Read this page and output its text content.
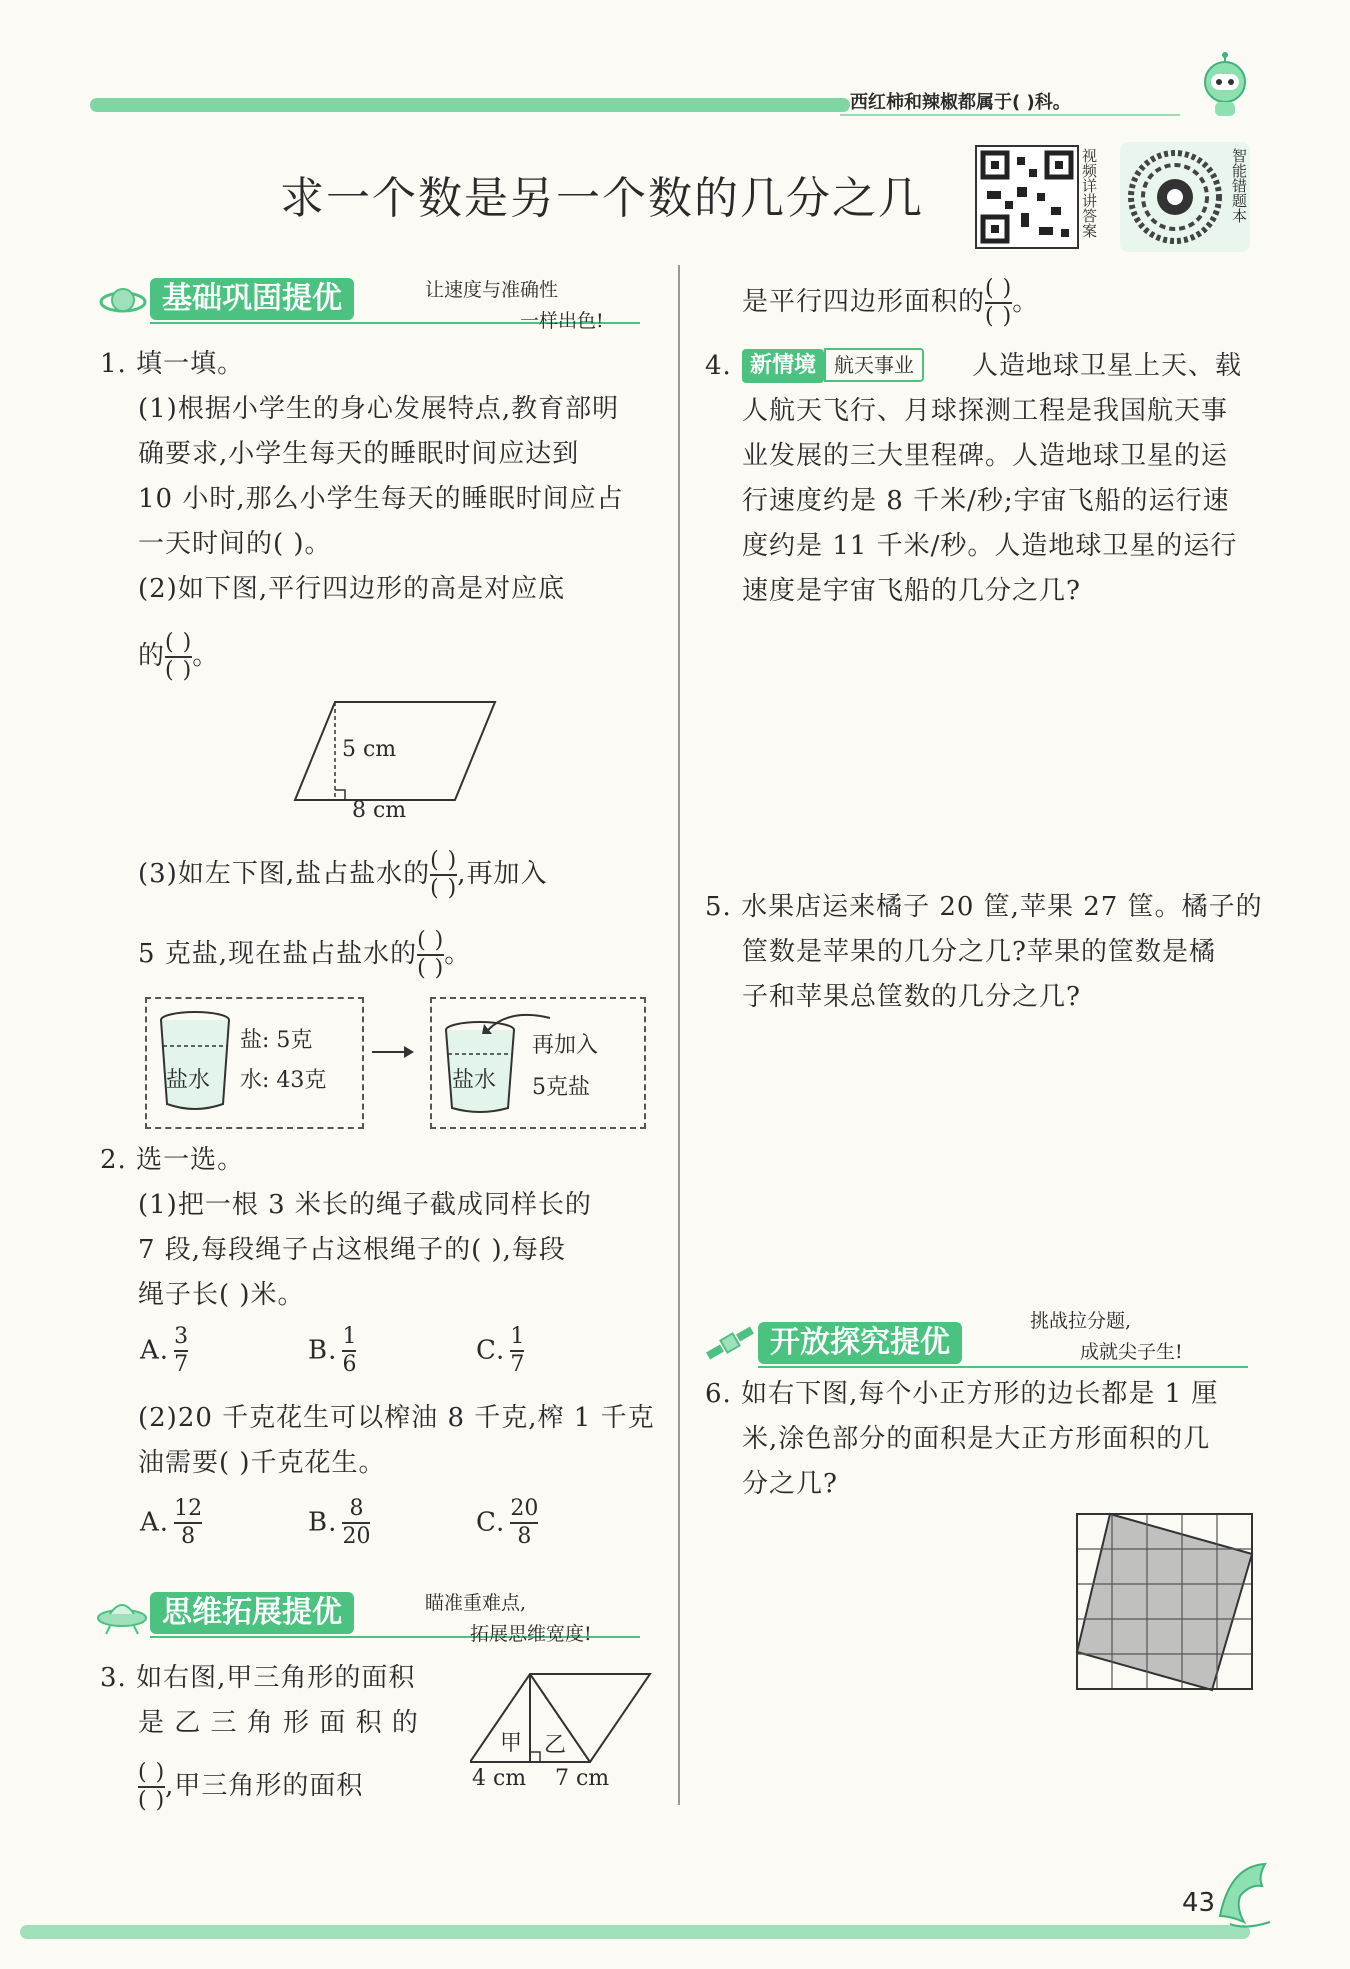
西红柿和辣椒都属于( )科。
求一个数是另一个数的几分之几	视频详讲答案	智能错题本
基础巩固提优	让速度与准确性
一样出色!
1. 填一填。
(1)根据小学生的身心发展特点,教育部明
确要求,小学生每天的睡眠时间应达到
10 小时,那么小学生每天的睡眠时间应占
一天时间的( )。
(2)如下图,平行四边形的高是对应底
的 $\frac{( )}{( )}$ 。
5 cm
8 cm
(3)如左下图,盐占盐水的 $\frac{( )}{( )}$ ,再加入
5 克盐,现在盐占盐水的 $\frac{( )}{( )}$ 。
盐水
盐: 5克
水: 43克	盐水
再加入
5克盐
2. 选一选。
(1)把一根 3 米长的绳子截成同样长的
7 段,每段绳子占这根绳子的( ),每段
绳子长( )米。
A. $\frac{3}{7}$	B. $\frac{1}{6}$	C. $\frac{1}{7}$
(2)20 千克花生可以榨油 8 千克,榨 1 千克
油需要( )千克花生。
A. $\frac{12}{8}$	B. $\frac{8}{20}$	C. $\frac{20}{8}$
思维拓展提优	瞄准重难点,
拓展思维宽度!
3. 如右图,甲三角形的面积
是 乙 三 角 形 面 积 的
$\frac{( )}{( )}$ ,甲三角形的面积
甲 乙
4 cm 7 cm
是平行四边形面积的 $\frac{( )}{( )}$ 。
4. 新情境 航天事业	人造地球卫星上天、载
人航天飞行、月球探测工程是我国航天事
业发展的三大里程碑。人造地球卫星的运
行速度约是 8 千米/秒;宇宙飞船的运行速
度约是 11 千米/秒。人造地球卫星的运行
速度是宇宙飞船的几分之几?
5. 水果店运来橘子 20 筐,苹果 27 筐。橘子的
筐数是苹果的几分之几?苹果的筐数是橘
子和苹果总筐数的几分之几?
开放探究提优
挑战拉分题,
成就尖子生!
6. 如右下图,每个小正方形的边长都是 1 厘
米,涂色部分的面积是大正方形面积的几
分之几?
43
